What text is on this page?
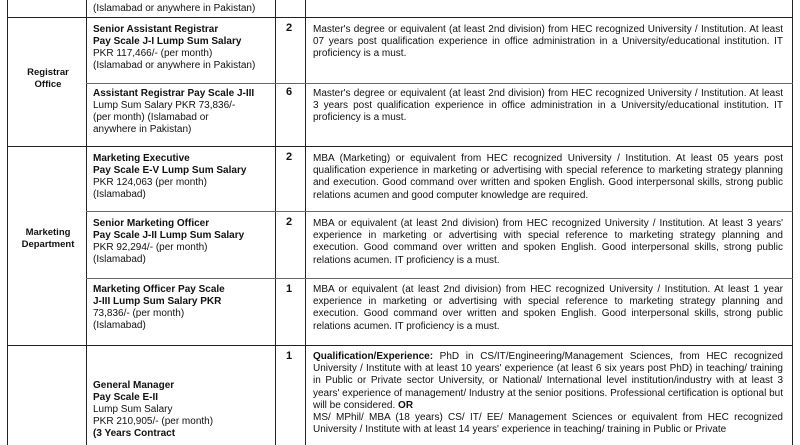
Registrar Office
Marketing Department
(Islamabad or anywhere in Pakistan)
Senior Assistant Registrar
Pay Scale J-I Lump Sum Salary
PKR 117,466/- (per month)
(Islamabad or anywhere in Pakistan)
2 Master's degree or equivalent (at least 2nd division) from HEC recognized University / Institution. At least 07 years post qualification experience in office administration in a University/educational institution. IT proficiency is a must.
Assistant Registrar Pay Scale J-III
Lump Sum Salary PKR 73,836/-
(per month) (Islamabad or
anywhere in Pakistan)
6 Master's degree or equivalent (at least 2nd division) from HEC recognized University / Institution. At least 3 years post qualification experience in office administration in a University/educational institution. IT proficiency is a must.
Marketing Executive
Pay Scale E-V Lump Sum Salary
PKR 124,063 (per month)
(Islamabad)
2 MBA (Marketing) or equivalent from HEC recognized University / Institution. At least 05 years post qualification experience in marketing or advertising with special reference to marketing strategy planning and execution. Good command over written and spoken English. Good interpersonal skills, strong public relations acumen and good computer knowledge are required.
Senior Marketing Officer
Pay Scale J-II Lump Sum Salary
PKR 92,294/- (per month)
(Islamabad)
2 MBA or equivalent (at least 2nd division) from HEC recognized University / Institution. At least 3 years' experience in marketing or advertising with special reference to marketing strategy planning and execution. Good command over written and spoken English. Good interpersonal skills, strong public relations acumen. IT proficiency is a must.
Marketing Officer Pay Scale
J-III Lump Sum Salary PKR
73,836/- (per month)
(Islamabad)
1 MBA or equivalent (at least 2nd division) from HEC recognized University / Institution. At least 1 year experience in marketing or advertising with special reference to marketing strategy planning and execution. Good command over written and spoken English. Good interpersonal skills, strong public relations acumen. IT proficiency is a must.
General Manager
Pay Scale E-II
Lump Sum Salary
PKR 210,905/- (per month)
(3 Years Contract
1 Qualification/Experience: PhD in CS/IT/Engineering/Management Sciences, from HEC recognized University / Institute with at least 10 years' experience (at least 6 six years post PhD) in teaching/ training in Public or Private sector University, or National/ International level institution/industry with at least 3 years' experience of management/ Industry at the senior positions. Professional certification is optional but will be considered. OR
MS/ MPhil/ MBA (18 years) CS/ IT/ EE/ Management Sciences or equivalent from HEC recognized University / Institute with at least 14 years' experience in teaching/ training in Public or Private
